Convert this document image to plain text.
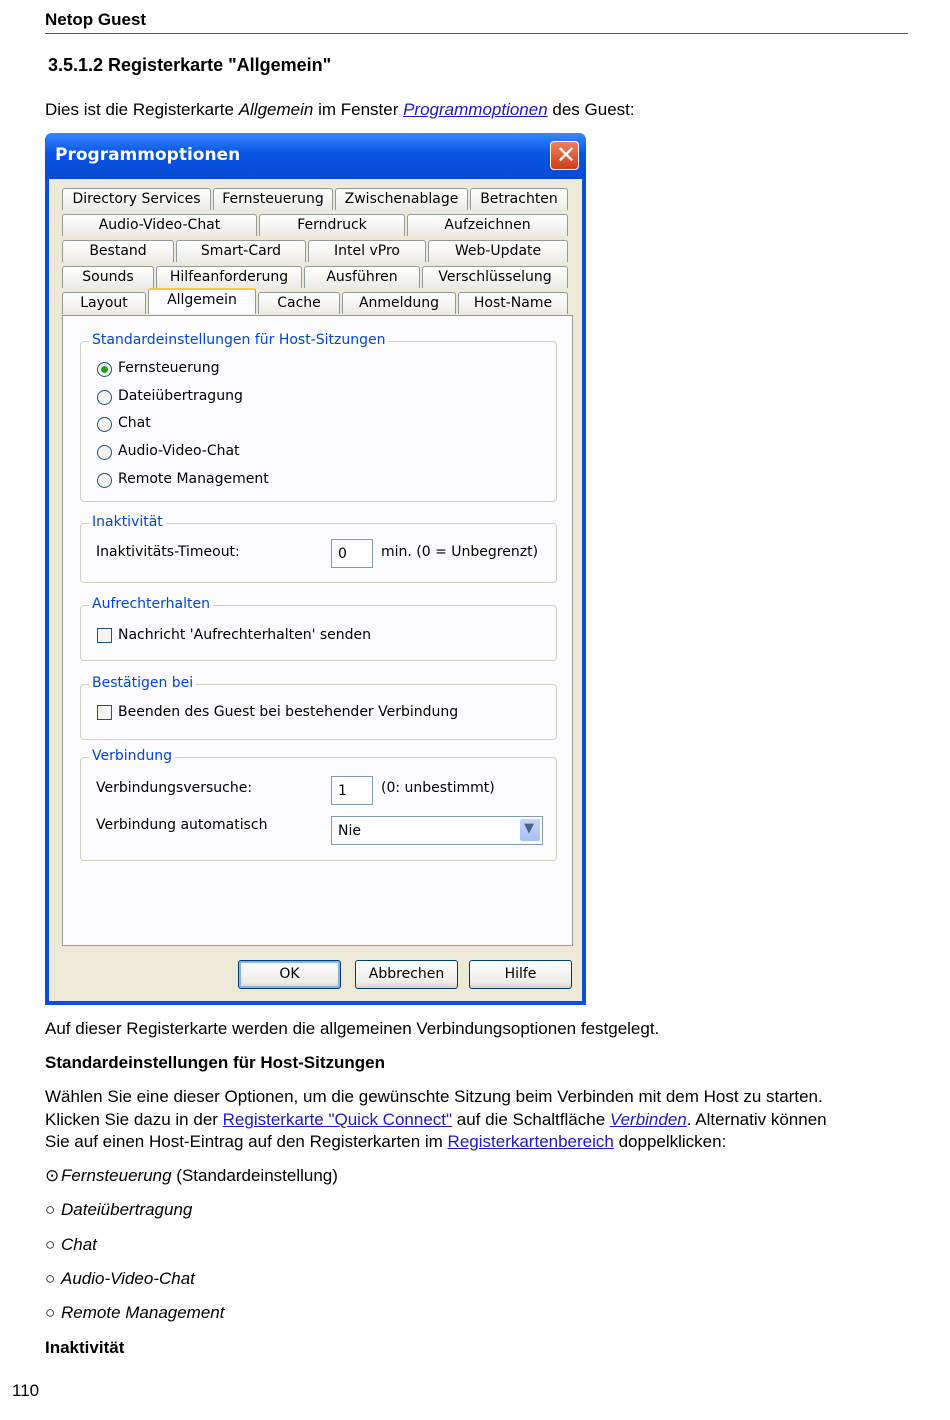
Netop Guest
3.5.1.2 Registerkarte "Allgemein"
Dies ist die Registerkarte Allgemein im Fenster Programmoptionen des Guest:
Programmoptionen	✕
Directory Services	Fernsteuerung	Zwischenablage	Betrachten
Audio-Video-Chat	Ferndruck	Aufzeichnen
Bestand	Smart-Card	Intel vPro	Web-Update
Sounds	Hilfeanforderung	Ausführen	Verschlüsselung
Layout	Allgemein	Cache	Anmeldung	Host-Name
Standardeinstellungen für Host-Sitzungen
Fernsteuerung
Dateiübertragung
Chat
Audio-Video-Chat
Remote Management
Inaktivität
Inaktivitäts-Timeout:	0	min. (0 = Unbegrenzt)
Aufrechterhalten
Nachricht 'Aufrechterhalten' senden
Bestätigen bei
Beenden des Guest bei bestehender Verbindung
Verbindung
Verbindungsversuche:	1	(0: unbestimmt)
Verbindung automatisch	Nie	▼
OK	Abbrechen	Hilfe
Auf dieser Registerkarte werden die allgemeinen Verbindungsoptionen festgelegt.
Standardeinstellungen für Host-Sitzungen
Wählen Sie eine dieser Optionen, um die gewünschte Sitzung beim Verbinden mit dem Host zu starten.
Klicken Sie dazu in der Registerkarte "Quick Connect" auf die Schaltfläche Verbinden. Alternativ können
Sie auf einen Host-Eintrag auf den Registerkarten im Registerkartenbereich doppelklicken:
⊙ Fernsteuerung (Standardeinstellung)
○ Dateiübertragung
○ Chat
○ Audio-Video-Chat
○ Remote Management
Inaktivität
110
